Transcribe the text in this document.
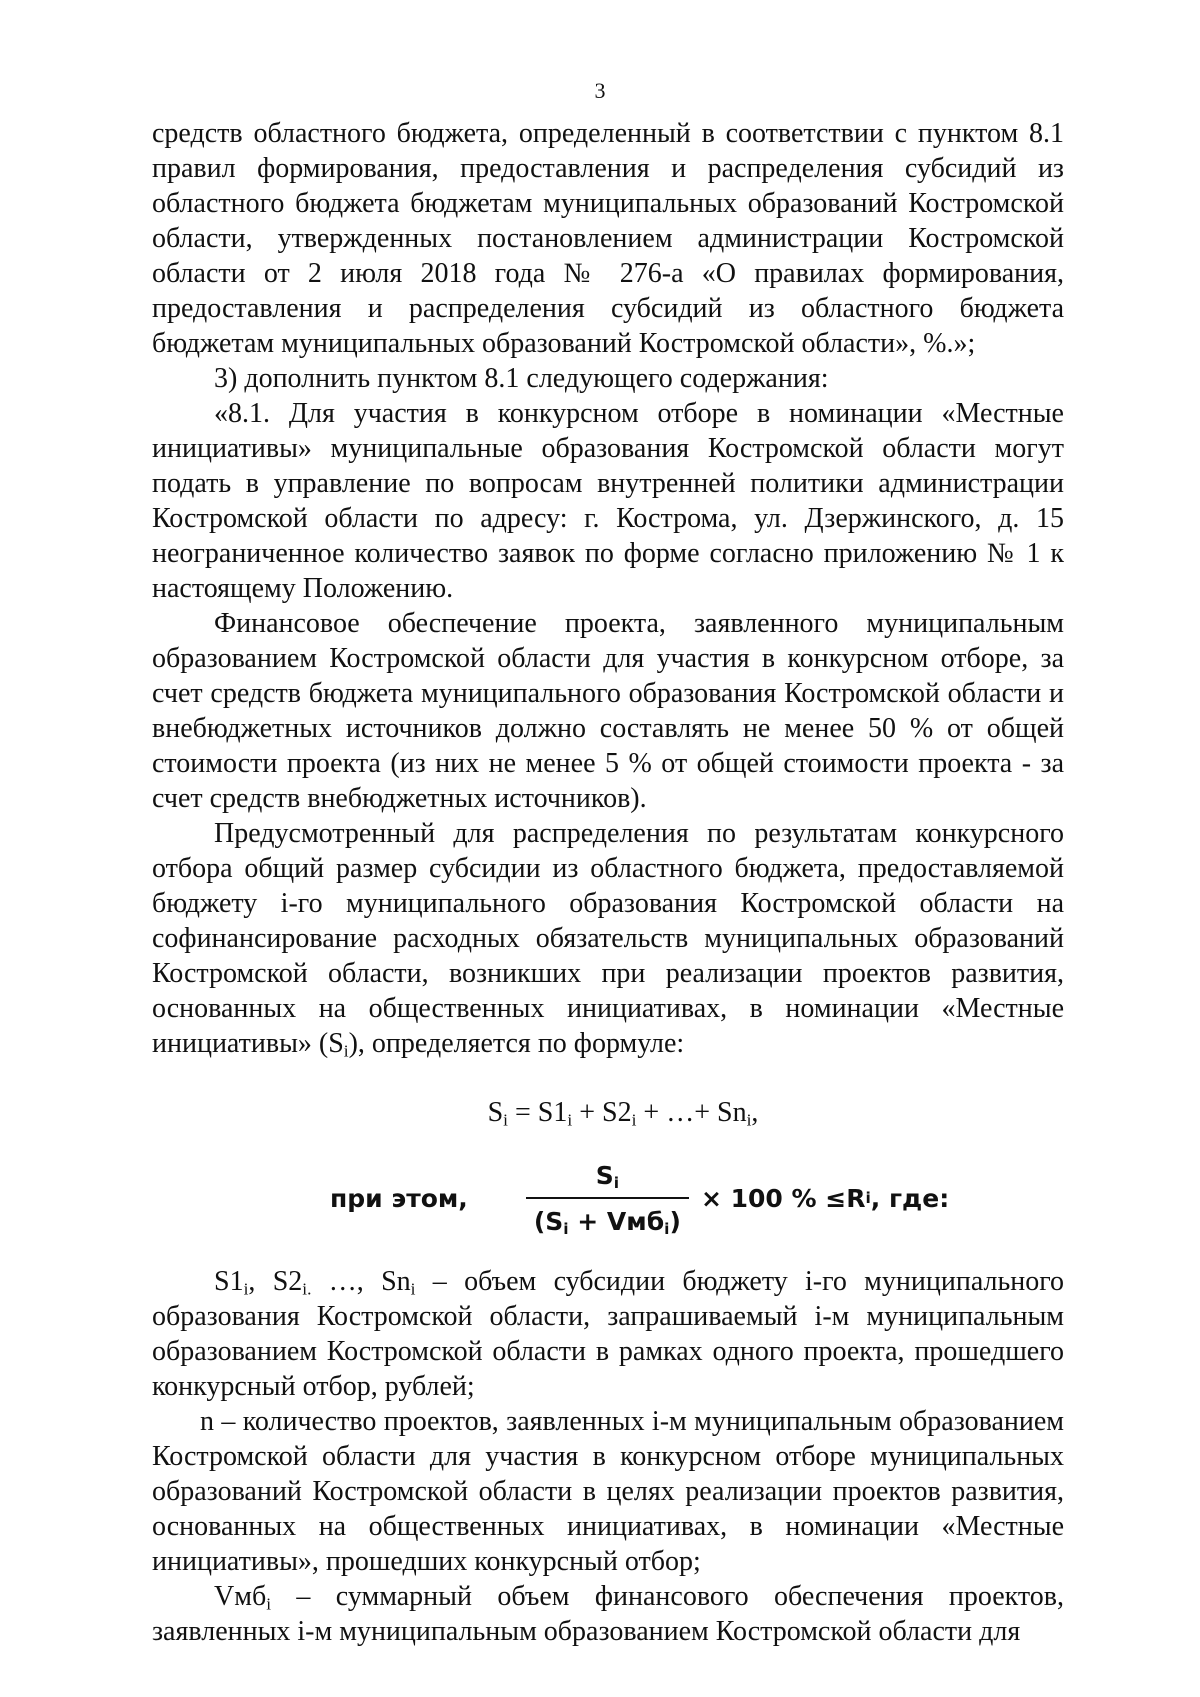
3

средств областного бюджета, определенный в соответствии с пунктом 8.1 правил формирования, предоставления и распределения субсидий из областного бюджета бюджетам муниципальных образований Костромской области, утвержденных постановлением администрации Костромской области от 2 июля 2018 года № 276-а «О правилах формирования, предоставления и распределения субсидий из областного бюджета бюджетам муниципальных образований Костромской области», %.»;

3) дополнить пунктом 8.1 следующего содержания:

«8.1. Для участия в конкурсном отборе в номинации «Местные инициативы» муниципальные образования Костромской области могут подать в управление по вопросам внутренней политики администрации Костромской области по адресу: г. Кострома, ул. Дзержинского, д. 15 неограниченное количество заявок по форме согласно приложению № 1 к настоящему Положению.

Финансовое обеспечение проекта, заявленного муниципальным образованием Костромской области для участия в конкурсном отборе, за счет средств бюджета муниципального образования Костромской области и внебюджетных источников должно составлять не менее 50 % от общей стоимости проекта (из них не менее 5 % от общей стоимости проекта - за счет средств внебюджетных источников).

Предусмотренный для распределения по результатам конкурсного отбора общий размер субсидии из областного бюджета, предоставляемой бюджету i-го муниципального образования Костромской области на софинансирование расходных обязательств муниципальных образований Костромской области, возникших при реализации проектов развития, основанных на общественных инициативах, в номинации «Местные инициативы» $(S_i)$, определяется по формуле:

$S_i = S1_i + S2_i$ + …+ $Sn_i$,
при этом, $\frac{S_i}{(S_i + Vмб_i)} \times 100$ % ≤ R i , где:

$S1_i$, $S2_{i.}$ …, $Sn_i$ – объем субсидии бюджету i-го муниципального образования Костромской области, запрашиваемый i-м муниципальным образованием Костромской области в рамках одного проекта, прошедшего конкурсный отбор, рублей;

n – количество проектов, заявленных i-м муниципальным образованием Костромской области для участия в конкурсном отборе муниципальных образований Костромской области в целях реализации проектов развития, основанных на общественных инициативах, в номинации «Местные инициативы», прошедших конкурсный отбор;

Vмб$_i$ – суммарный объем финансового обеспечения проектов, заявленных i-м муниципальным образованием Костромской области для
